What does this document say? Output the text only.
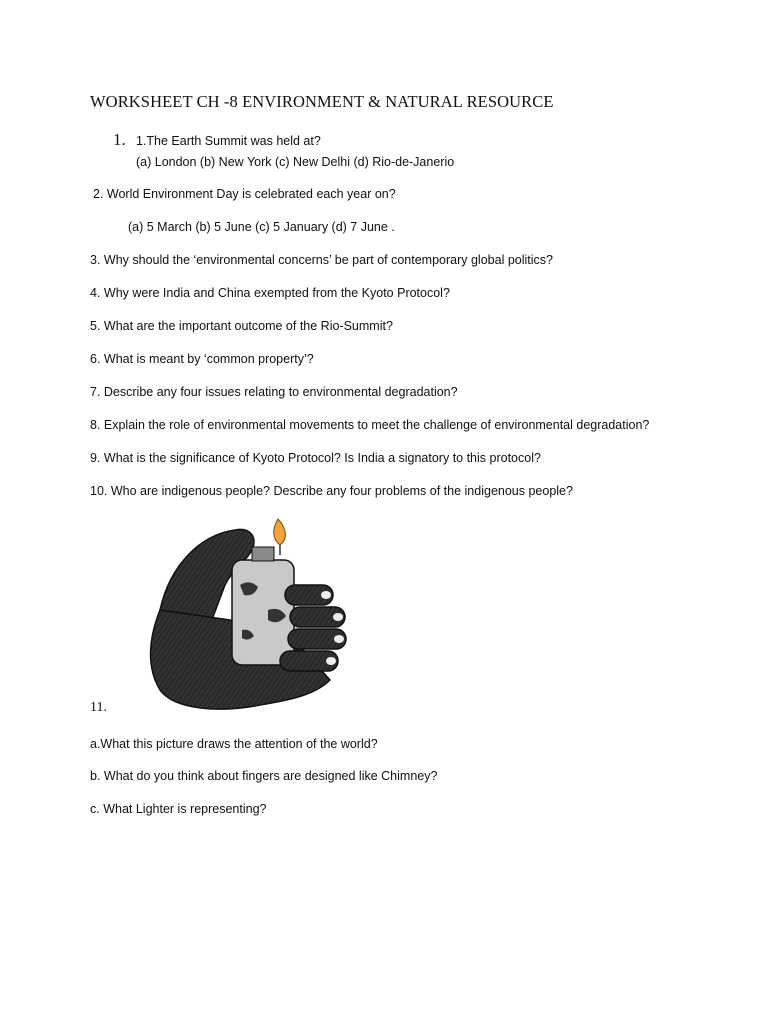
WORKSHEET CH -8 ENVIRONMENT & NATURAL RESOURCE
1. 1.The Earth Summit was held at?
(a) London (b) New York (c) New Delhi (d) Rio-de-Janerio
2. World Environment Day is celebrated each year on?
(a) 5 March (b) 5 June (c) 5 January (d) 7 June .
3. Why should the ‘environmental concerns’ be part of contemporary global politics?
4. Why were India and China exempted from the Kyoto Protocol?
5. What are the important outcome of the Rio-Summit?
6. What is meant by ‘common property’?
7. Describe any four issues relating to environmental degradation?
8. Explain the role of environmental movements to meet the challenge of environmental degradation?
9. What is the significance of Kyoto Protocol? Is India a signatory to this protocol?
10. Who are indigenous people? Describe any four problems of the indigenous people?
11.
a.What this picture draws the attention of the world?
b. What do you think about fingers are designed like Chimney?
c. What Lighter is representing?
